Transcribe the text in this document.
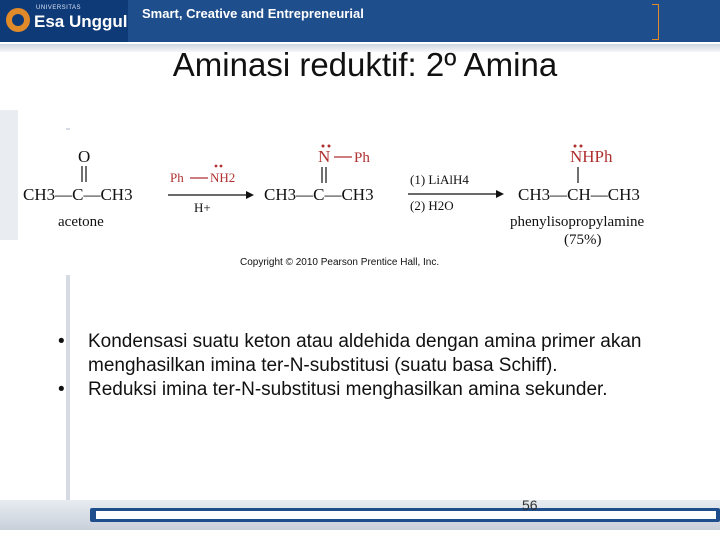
UNIVERSITAS
Esa Unggul Smart, Creative and Entrepreneurial
Aminasi reduktif: 2º Amina
O
CH3—C—CH3
acetone
Ph NH2
H+
N Ph
CH3—C—CH3
(1) LiAlH4
(2) H2O
NHPh
CH3—CH—CH3
phenylisopropylamine
(75%)
Copyright © 2010 Pearson Prentice Hall, Inc.
• Kondensasi suatu keton atau aldehida dengan amina primer akan menghasilkan imina ter-N-substitusi (suatu basa Schiff).
• Reduksi imina ter-N-substitusi menghasilkan amina sekunder.
56
